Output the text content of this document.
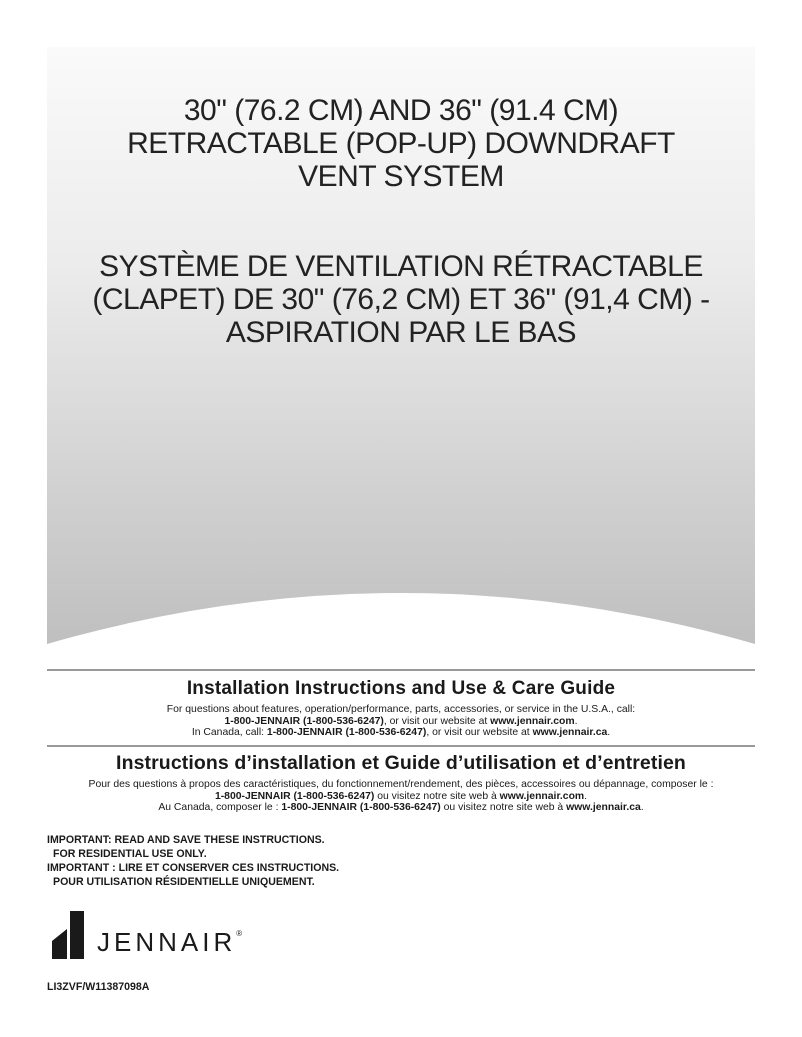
30" (76.2 CM) AND 36" (91.4 CM)
RETRACTABLE (POP-UP) DOWNDRAFT
VENT SYSTEM
SYSTÈME DE VENTILATION RÉTRACTABLE
(CLAPET) DE 30" (76,2 CM) ET 36" (91,4 CM) -
ASPIRATION PAR LE BAS
Installation Instructions and Use & Care Guide
For questions about features, operation/performance, parts, accessories, or service in the U.S.A., call:
1-800-JENNAIR (1-800-536-6247), or visit our website at www.jennair.com.
In Canada, call: 1-800-JENNAIR (1-800-536-6247), or visit our website at www.jennair.ca.
Instructions d’installation et Guide d’utilisation et d’entretien
Pour des questions à propos des caractéristiques, du fonctionnement/rendement, des pièces, accessoires ou dépannage, composer le :
1-800-JENNAIR (1-800-536-6247) ou visitez notre site web à www.jennair.com.
Au Canada, composer le : 1-800-JENNAIR (1-800-536-6247) ou visitez notre site web à www.jennair.ca.
IMPORTANT: READ AND SAVE THESE INSTRUCTIONS.
FOR RESIDENTIAL USE ONLY.
IMPORTANT : LIRE ET CONSERVER CES INSTRUCTIONS.
POUR UTILISATION RÉSIDENTIELLE UNIQUEMENT.
JENNAIR®
LI3ZVF/W11387098A
